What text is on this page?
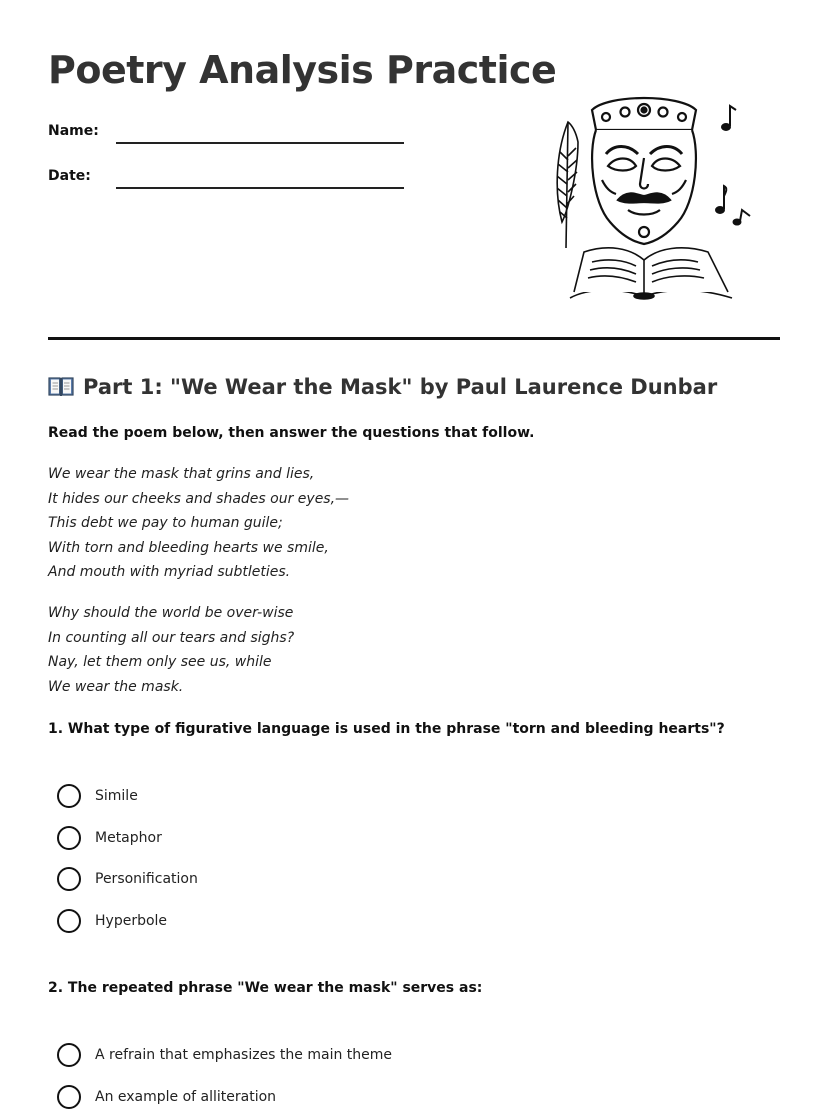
Poetry Analysis Practice
Name:
Date:
Part 1: "We Wear the Mask" by Paul Laurence Dunbar

Read the poem below, then answer the questions that follow.

We wear the mask that grins and lies,
It hides our cheeks and shades our eyes,—
This debt we pay to human guile;
With torn and bleeding hearts we smile,
And mouth with myriad subtleties.
Why should the world be over-wise
In counting all our tears and sighs?
Nay, let them only see us, while
We wear the mask.

1. What type of figurative language is used in the phrase "torn and bleeding hearts"?

Simile
Metaphor
Personification
Hyperbole

2. The repeated phrase "We wear the mask" serves as:

A refrain that emphasizes the main theme
An example of alliteration
